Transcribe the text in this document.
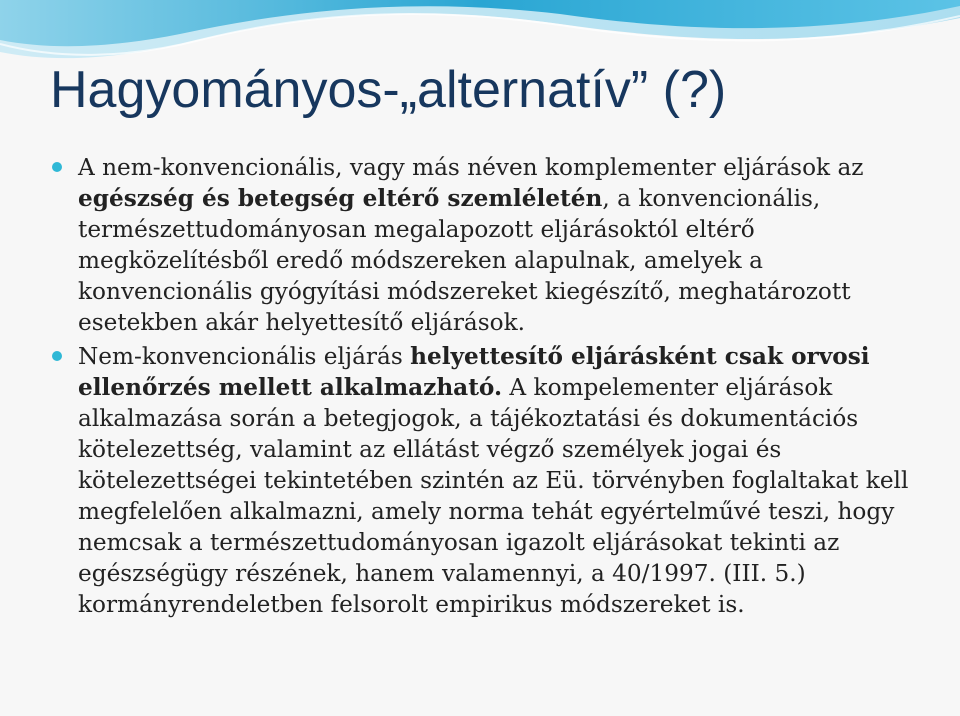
Hagyományos-„alternatív” (?)
A nem-konvencionális, vagy más néven komplementer eljárások az egészség és betegség eltérő szemléletén, a konvencionális, természettudományosan megalapozott eljárásoktól eltérő megközelítésből eredő módszereken alapulnak, amelyek a konvencionális gyógyítási módszereket kiegészítő, meghatározott esetekben akár helyettesítő eljárások.
Nem-konvencionális eljárás helyettesítő eljárásként csak orvosi ellenőrzés mellett alkalmazható. A kompelementer eljárások alkalmazása során a betegjogok, a tájékoztatási és dokumentációs kötelezettség, valamint az ellátást végző személyek jogai és kötelezettségei tekintetében szintén az Eü. törvényben foglaltakat kell megfelelően alkalmazni, amely norma tehát egyértelművé teszi, hogy nemcsak a természettudományosan igazolt eljárásokat tekinti az egészségügy részének, hanem valamennyi, a 40/1997. (III. 5.) kormányrendeletben felsorolt empirikus módszereket is.
